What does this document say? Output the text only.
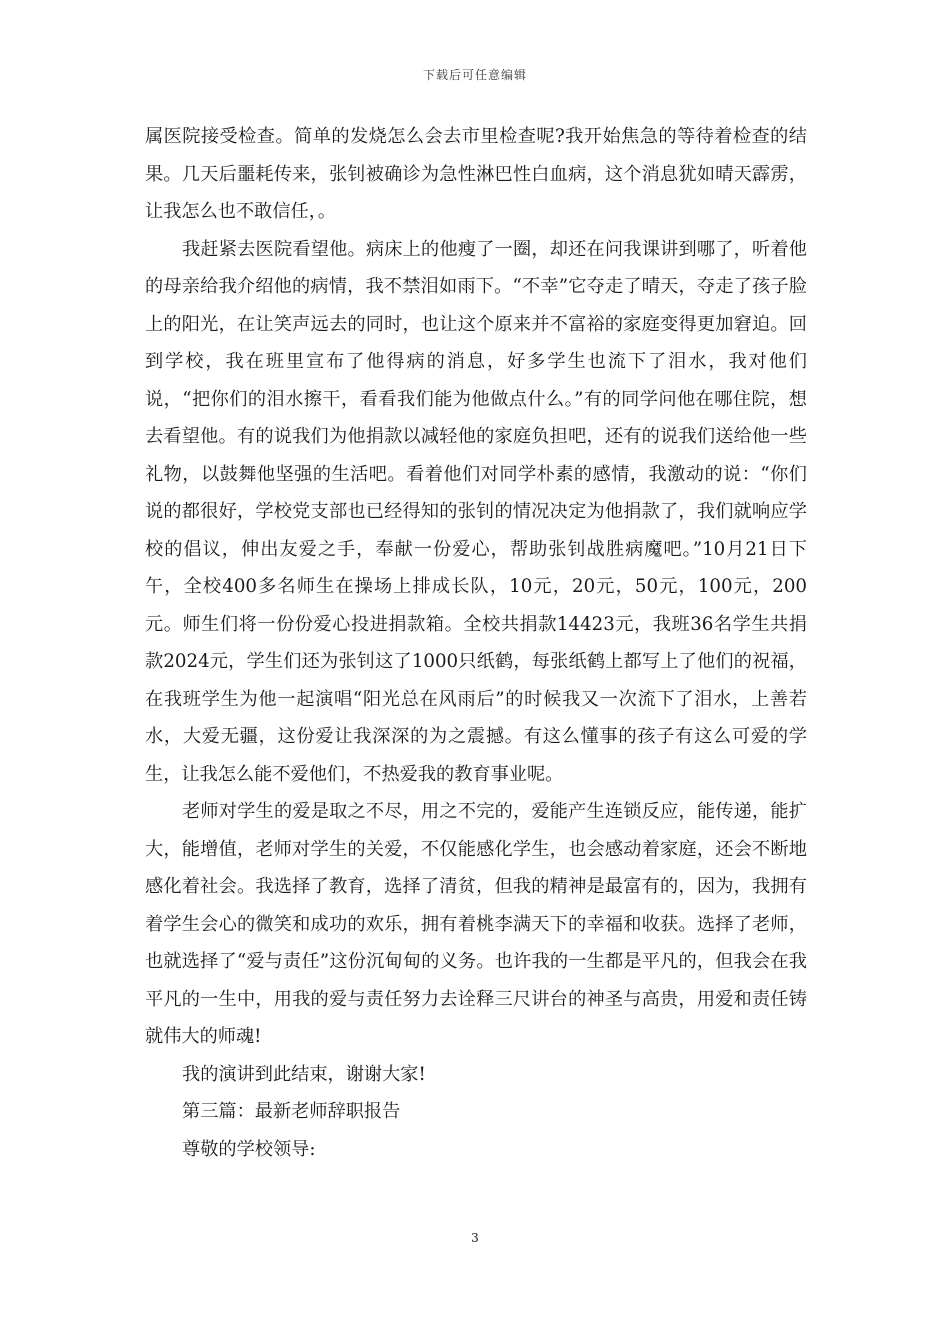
下载后可任意编辑

属医院接受检查。简单的发烧怎么会去市里检查呢?我开始焦急的等待着检查的结果。几天后噩耗传来，张钊被确诊为急性淋巴性白血病，这个消息犹如晴天霹雳，让我怎么也不敢信任，。

我赶紧去医院看望他。病床上的他瘦了一圈，却还在问我课讲到哪了，听着他的母亲给我介绍他的病情，我不禁泪如雨下。“不幸”它夺走了晴天，夺走了孩子脸上的阳光，在让笑声远去的同时，也让这个原来并不富裕的家庭变得更加窘迫。回到学校，我在班里宣布了他得病的消息，好多学生也流下了泪水，我对他们说，“把你们的泪水擦干，看看我们能为他做点什么。”有的同学问他在哪住院，想去看望他。有的说我们为他捐款以减轻他的家庭负担吧，还有的说我们送给他一些礼物，以鼓舞他坚强的生活吧。看着他们对同学朴素的感情，我激动的说：“你们说的都很好，学校党支部也已经得知的张钊的情况决定为他捐款了，我们就响应学校的倡议，伸出友爱之手，奉献一份爱心，帮助张钊战胜病魔吧。”10月21日下午，全校400多名师生在操场上排成长队，10元，20元，50元，100元，200元。师生们将一份份爱心投进捐款箱。全校共捐款14423元，我班36名学生共捐款2024元，学生们还为张钊这了1000只纸鹤，每张纸鹤上都写上了他们的祝福，在我班学生为他一起演唱“阳光总在风雨后”的时候我又一次流下了泪水，上善若水，大爱无疆，这份爱让我深深的为之震撼。有这么懂事的孩子有这么可爱的学生，让我怎么能不爱他们，不热爱我的教育事业呢。

老师对学生的爱是取之不尽，用之不完的，爱能产生连锁反应，能传递，能扩大，能增值，老师对学生的关爱，不仅能感化学生，也会感动着家庭，还会不断地感化着社会。我选择了教育，选择了清贫，但我的精神是最富有的，因为，我拥有着学生会心的微笑和成功的欢乐，拥有着桃李满天下的幸福和收获。选择了老师，也就选择了“爱与责任”这份沉甸甸的义务。也许我的一生都是平凡的，但我会在我平凡的一生中，用我的爱与责任努力去诠释三尺讲台的神圣与高贵，用爱和责任铸就伟大的师魂!

我的演讲到此结束，谢谢大家!

第三篇：最新老师辞职报告

尊敬的学校领导:

3
